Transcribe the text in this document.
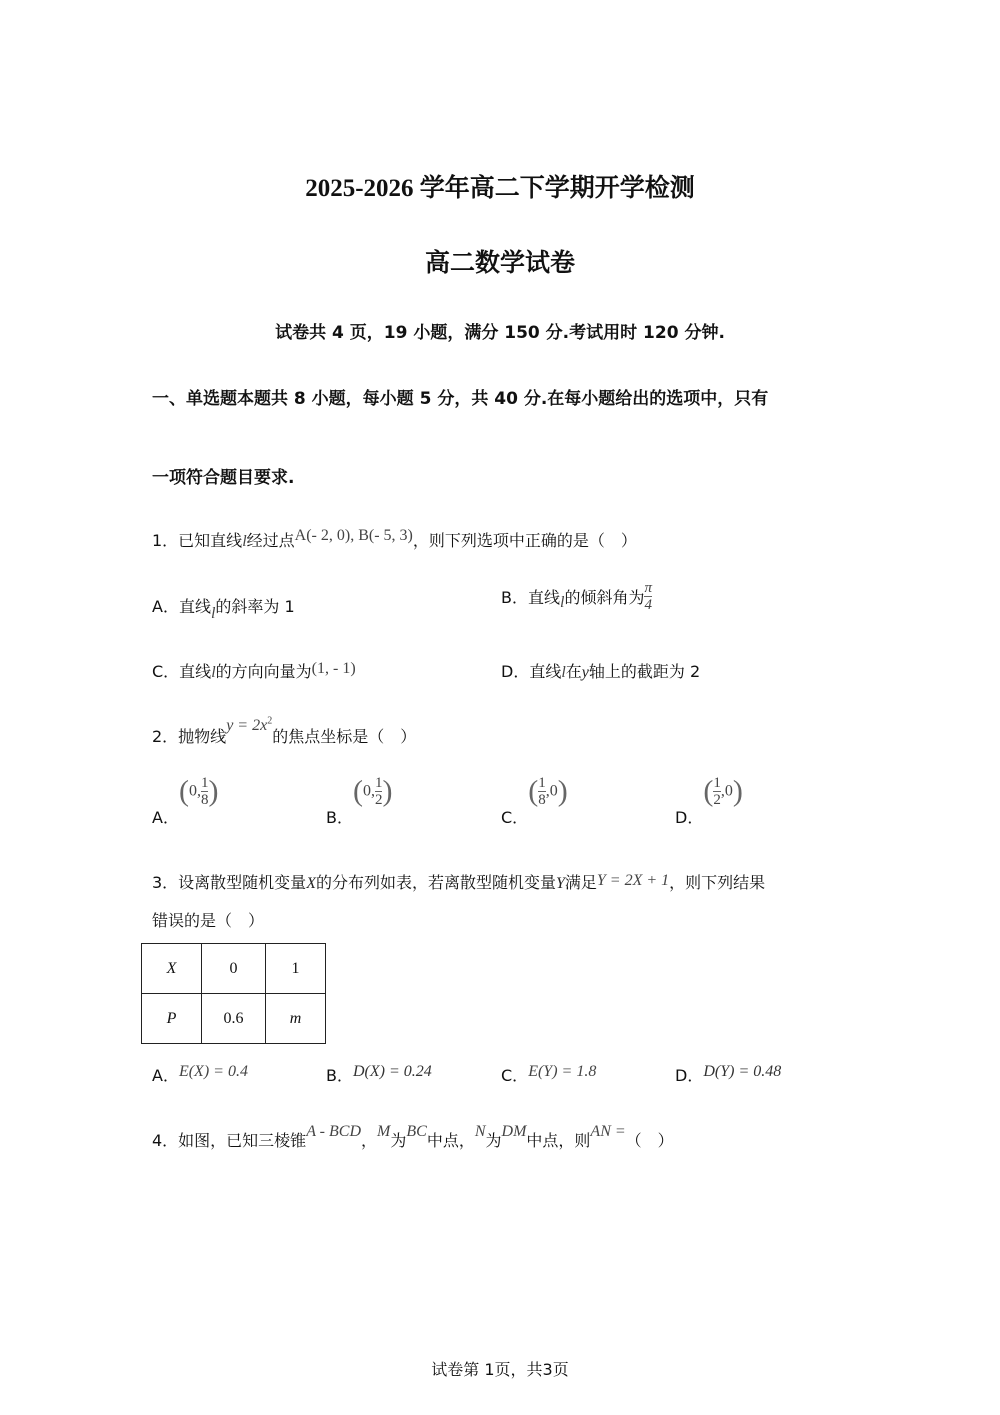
2025-2026 学年高二下学期开学检测
高二数学试卷
试卷共 4 页，19 小题，满分 150 分.考试用时 120 分钟.
一、单选题本题共 8 小题，每小题 5 分，共 40 分.在每小题给出的选项中，只有
一项符合题目要求.
1．已知直线l经过点A(- 2, 0), B(- 5, 3)，则下列选项中正确的是（　）
A．直线l的斜率为 1	B．直线l的倾斜角为 $\frac{\pi}{4}$
C．直线l的方向向量为(1, - 1)	D．直线l在y轴上的截距为 2
2．抛物线$y = 2x^2$的焦点坐标是（　）
A．(0, $\frac{1}{8}$ )
B．(0, $\frac{1}{2}$ )
C．( $\frac{1}{8} ,0$)
D．( $\frac{1}{2} ,0$)
3．设离散型随机变量X的分布列如表，若离散型随机变量Y满足Y = 2X + 1，则下列结果
错误的是（　）
X	0	1
P	0.6	m
A．E(X) = 0.4	B．D(X) = 0.24	C．E(Y) = 1.8	D．D(Y) = 0.48
4．如图，已知三棱锥A - BCD，M为BC中点，N为DM中点，则AN =（　）
试卷第 1页，共3页
